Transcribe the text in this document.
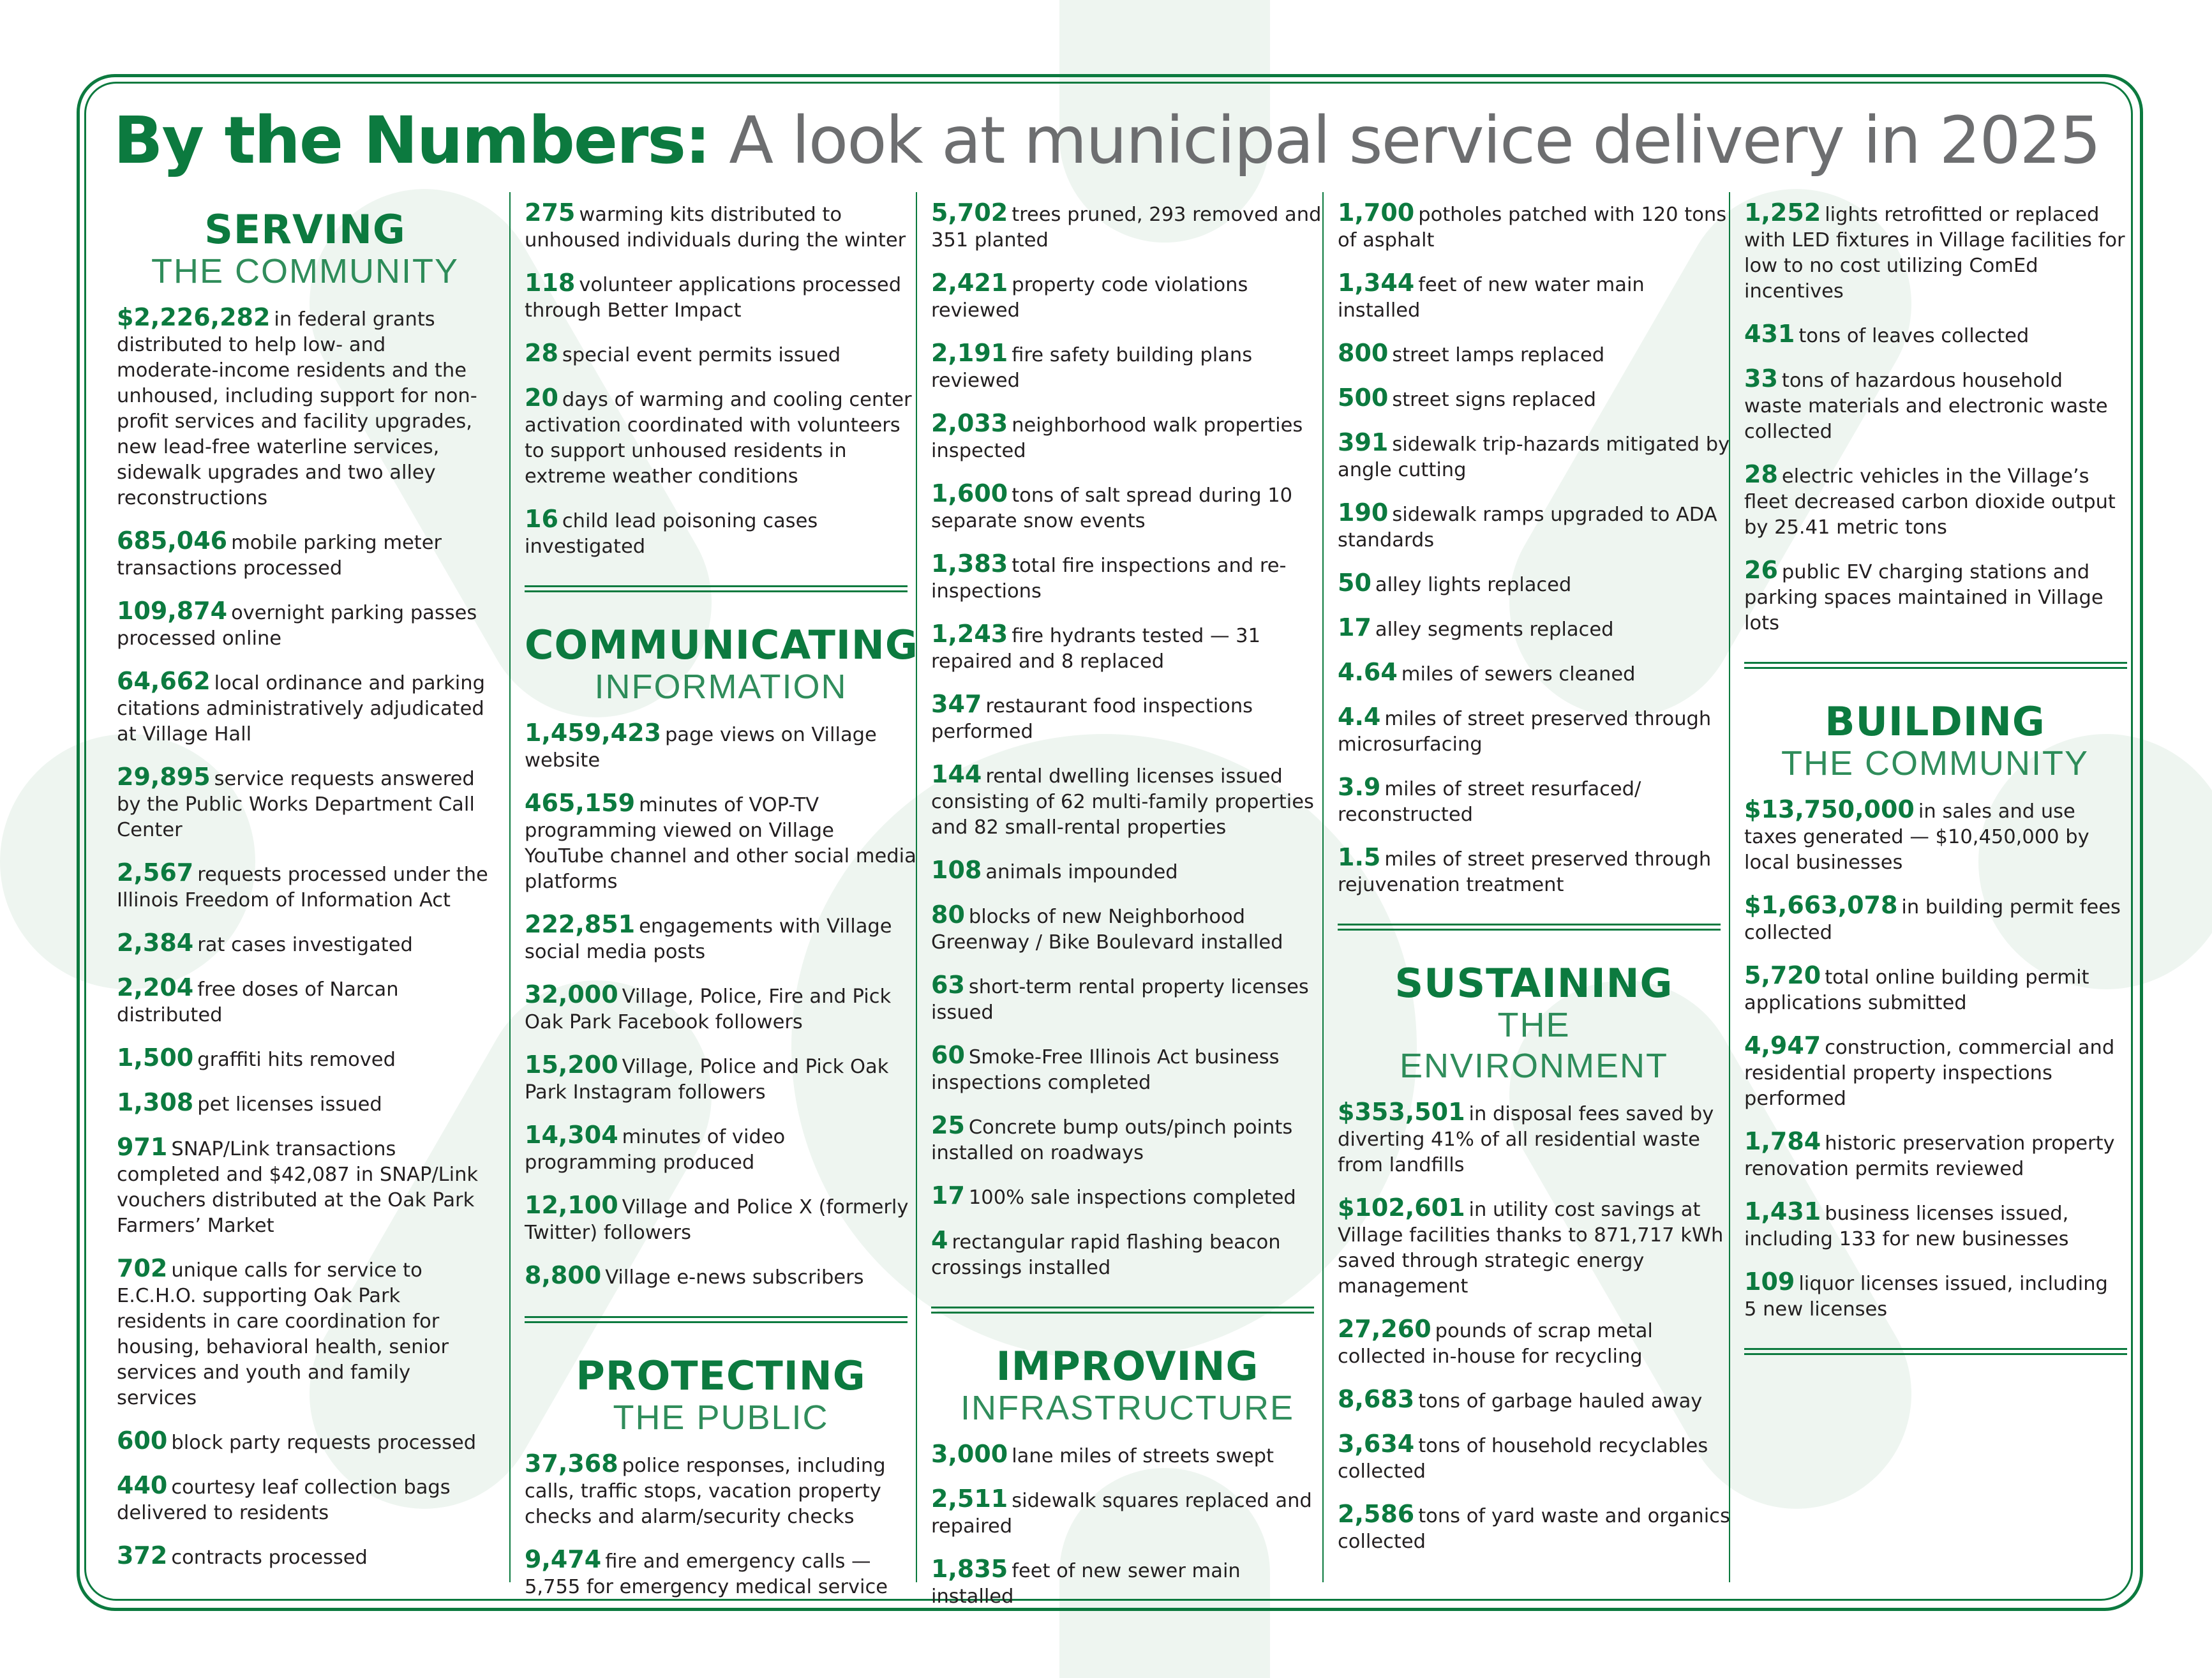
By the Numbers: A look at municipal service delivery in 2025
SERVING
THE COMMUNITY
$2,226,282 in federal grants distributed to help low- and moderate-income residents and the unhoused, including support for non-profit services and facility upgrades, new lead-free waterline services, sidewalk upgrades and two alley reconstructions
685,046 mobile parking meter transactions processed
109,874 overnight parking passes processed online
64,662 local ordinance and parking citations administratively adjudicated at Village Hall
29,895 service requests answered by the Public Works Department Call Center
2,567 requests processed under the Illinois Freedom of Information Act
2,384 rat cases investigated
2,204 free doses of Narcan distributed
1,500 graffiti hits removed
1,308 pet licenses issued
971 SNAP/Link transactions completed and $42,087 in SNAP/Link vouchers distributed at the Oak Park Farmers’ Market
702 unique calls for service to E.C.H.O. supporting Oak Park residents in care coordination for housing, behavioral health, senior services and youth and family services
600 block party requests processed
440 courtesy leaf collection bags delivered to residents
372 contracts processed
275 warming kits distributed to unhoused individuals during the winter
118 volunteer applications processed through Better Impact
28 special event permits issued
20 days of warming and cooling center activation coordinated with volunteers to support unhoused residents in extreme weather conditions
16 child lead poisoning cases investigated
COMMUNICATING
INFORMATION
1,459,423 page views on Village website
465,159 minutes of VOP-TV programming viewed on Village YouTube channel and other social media platforms
222,851 engagements with Village social media posts
32,000 Village, Police, Fire and Pick Oak Park Facebook followers
15,200 Village, Police and Pick Oak Park Instagram followers
14,304 minutes of video programming produced
12,100 Village and Police X (formerly Twitter) followers
8,800 Village e-news subscribers
PROTECTING
THE PUBLIC
37,368 police responses, including calls, traffic stops, vacation property checks and alarm/security checks
9,474 fire and emergency calls — 5,755 for emergency medical service
5,702 trees pruned, 293 removed and 351 planted
2,421 property code violations reviewed
2,191 fire safety building plans reviewed
2,033 neighborhood walk properties inspected
1,600 tons of salt spread during 10 separate snow events
1,383 total fire inspections and re-inspections
1,243 fire hydrants tested — 31 repaired and 8 replaced
347 restaurant food inspections performed
144 rental dwelling licenses issued consisting of 62 multi-family properties and 82 small-rental properties
108 animals impounded
80 blocks of new Neighborhood Greenway / Bike Boulevard installed
63 short-term rental property licenses issued
60 Smoke-Free Illinois Act business inspections completed
25 Concrete bump outs/pinch points installed on roadways
17 100% sale inspections completed
4 rectangular rapid flashing beacon crossings installed
IMPROVING
INFRASTRUCTURE
3,000 lane miles of streets swept
2,511 sidewalk squares replaced and repaired
1,835 feet of new sewer main installed
1,700 potholes patched with 120 tons of asphalt
1,344 feet of new water main installed
800 street lamps replaced
500 street signs replaced
391 sidewalk trip-hazards mitigated by angle cutting
190 sidewalk ramps upgraded to ADA standards
50 alley lights replaced
17 alley segments replaced
4.64 miles of sewers cleaned
4.4 miles of street preserved through microsurfacing
3.9 miles of street resurfaced/ reconstructed
1.5 miles of street preserved through rejuvenation treatment
SUSTAINING
THE
ENVIRONMENT
$353,501 in disposal fees saved by diverting 41% of all residential waste from landfills
$102,601 in utility cost savings at Village facilities thanks to 871,717 kWh saved through strategic energy management
27,260 pounds of scrap metal collected in-house for recycling
8,683 tons of garbage hauled away
3,634 tons of household recyclables collected
2,586 tons of yard waste and organics collected
1,252 lights retrofitted or replaced with LED fixtures in Village facilities for low to no cost utilizing ComEd incentives
431 tons of leaves collected
33 tons of hazardous household waste materials and electronic waste collected
28 electric vehicles in the Village’s fleet decreased carbon dioxide output by 25.41 metric tons
26 public EV charging stations and parking spaces maintained in Village lots
BUILDING
THE COMMUNITY
$13,750,000 in sales and use taxes generated — $10,450,000 by local businesses
$1,663,078 in building permit fees collected
5,720 total online building permit applications submitted
4,947 construction, commercial and residential property inspections performed
1,784 historic preservation property renovation permits reviewed
1,431 business licenses issued, including 133 for new businesses
109 liquor licenses issued, including 5 new licenses
